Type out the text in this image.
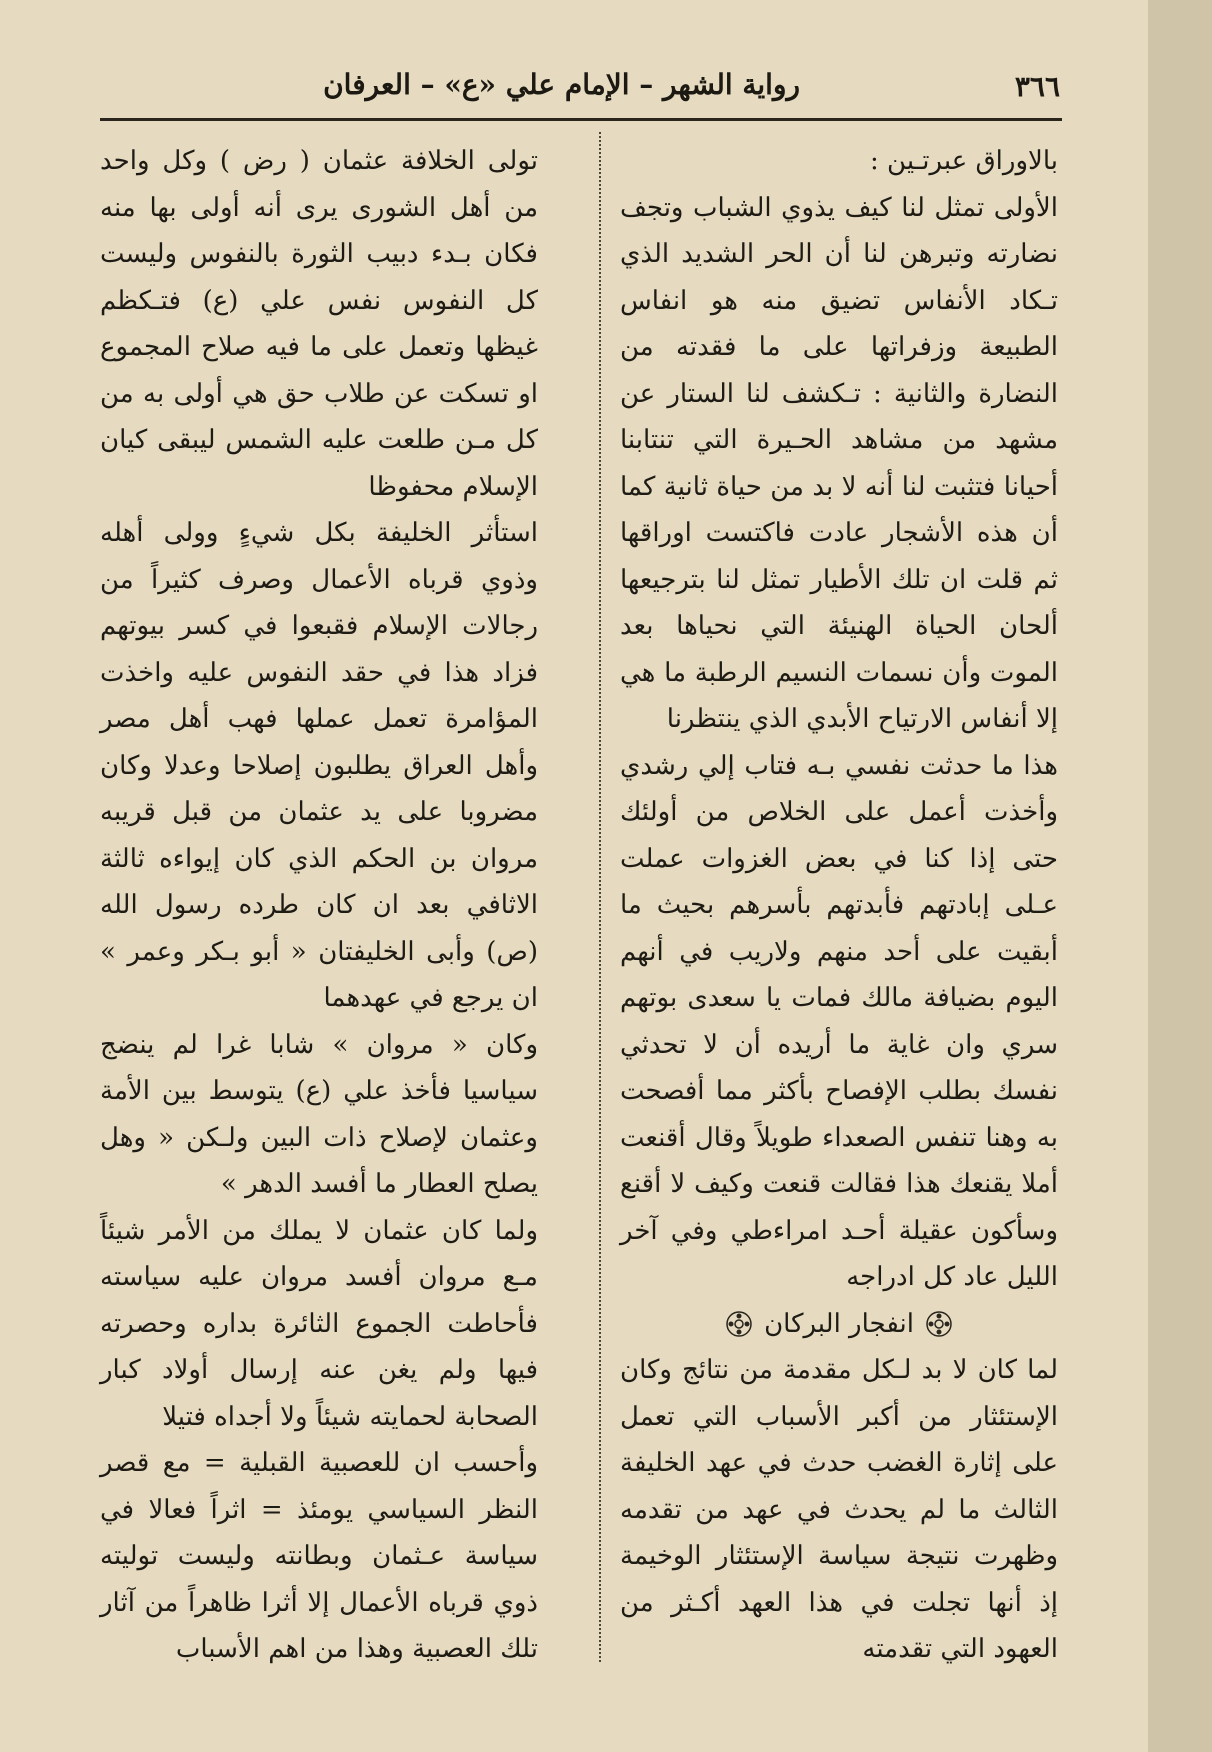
٣٦٦
رواية الشهر – الإمام علي «ع» – العرفان

بالاوراق عبرتـين :

الأولى تمثل لنا كيف يذوي الشباب وتجف نضارته وتبرهن لنا أن الحر الشديد الذي تـكاد الأنفاس تضيق منه هو انفاس الطبيعة وزفراتها على ما فقدته من النضارة والثانية : تـكشف لنا الستار عن مشهد من مشاهد الحـيرة التي تنتابنا أحيانا فتثبت لنا أنه لا بد من حياة ثانية كما أن هذه الأشجار عادت فاكتست اوراقها ثم قلت ان تلك الأطيار تمثل لنا بترجيعها ألحان الحياة الهنيئة التي نحياها بعد الموت وأن نسمات النسيم الرطبة ما هي إلا أنفاس الارتياح الأبدي الذي ينتظرنا

هذا ما حدثت نفسي بـه فتاب إلي رشدي وأخذت أعمل على الخلاص من أولئك حتى إذا كنا في بعض الغزوات عملت عـلى إبادتهم فأبدتهم بأسرهم بحيث ما أبقيت على أحد منهم ولاريب في أنهم اليوم بضيافة مالك فمات يا سعدى بوتهم سري وان غاية ما أريده أن لا تحدثي نفسك بطلب الإفصاح بأكثر مما أفصحت به وهنا تنفس الصعداء طويلاً وقال أقنعت أملا يقنعك هذا فقالت قنعت وكيف لا أقنع وسأكون عقيلة أحـد امراءطي وفي آخر الليل عاد كل ادراجه

انفجار البركان

لما كان لا بد لـكل مقدمة من نتائج وكان الإستئثار من أكبر الأسباب التي تعمل على إثارة الغضب حدث في عهد الخليفة الثالث ما لم يحدث في عهد من تقدمه وظهرت نتيجة سياسة الإستئثار الوخيمة إذ أنها تجلت في هذا العهد أكـثر من العهود التي تقدمته

تولى الخلافة عثمان ( رض ) وكل واحد من أهل الشورى يرى أنه أولى بها منه فكان بـدء دبيب الثورة بالنفوس وليست كل النفوس نفس علي (ع) فتـكظم غيظها وتعمل على ما فيه صلاح المجموع او تسكت عن طلاب حق هي أولى به من كل مـن طلعت عليه الشمس ليبقى كيان الإسلام محفوظا

استأثر الخليفة بكل شيءٍ وولى أهله وذوي قرباه الأعمال وصرف كثيراً من رجالات الإسلام فقبعوا في كسر بيوتهم فزاد هذا في حقد النفوس عليه واخذت المؤامرة تعمل عملها فهب أهل مصر وأهل العراق يطلبون إصلاحا وعدلا وكان مضروبا على يد عثمان من قبل قريبه مروان بن الحكم الذي كان إيواءه ثالثة الاثافي بعد ان كان طرده رسول الله (ص) وأبى الخليفتان « أبو بـكر وعمر » ان يرجع في عهدهما

وكان « مروان » شابا غرا لم ينضج سياسيا فأخذ علي (ع) يتوسط بين الأمة وعثمان لإصلاح ذات البين ولـكن « وهل يصلح العطار ما أفسد الدهر »

ولما كان عثمان لا يملك من الأمر شيئاً مـع مروان أفسد مروان عليه سياسته فأحاطت الجموع الثائرة بداره وحصرته فيها ولم يغن عنه إرسال أولاد كبار الصحابة لحمايته شيئاً ولا أجداه فتيلا

وأحسب ان للعصبية القبلية = مع قصر النظر السياسي يومئذ = اثراً فعالا في سياسة عـثمان وبطانته وليست توليته ذوي قرباه الأعمال إلا أثرا ظاهراً من آثار تلك العصبية وهذا من اهم الأسباب
